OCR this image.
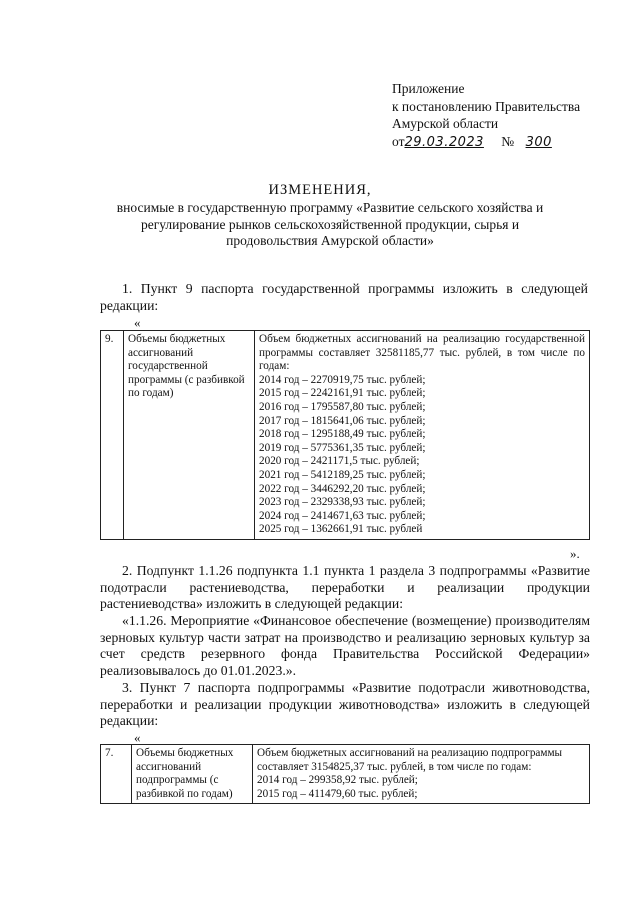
Приложение
к постановлению Правительства
Амурской области
от29.03.2023 № 300
ИЗМЕНЕНИЯ,
вносимые в государственную программу «Развитие сельского хозяйства и регулирование рынков сельскохозяйственной продукции, сырья и продовольствия Амурской области»
1. Пункт 9 паспорта государственной программы изложить в следующей редакции:
«
9.	Объемы бюджетных ассигнований государственной программы (с разбивкой по годам)	
Объем бюджетных ассигнований на реализацию государственной программы составляет 32581185,77 тыс. рублей, в том числе по годам:
2014 год – 2270919,75 тыс. рублей;
2015 год – 2242161,91 тыс. рублей;
2016 год – 1795587,80 тыс. рублей;
2017 год – 1815641,06 тыс. рублей;
2018 год – 1295188,49 тыс. рублей;
2019 год – 5775361,35 тыс. рублей;
2020 год – 2421171,5 тыс. рублей;
2021 год – 5412189,25 тыс. рублей;
2022 год – 3446292,20 тыс. рублей;
2023 год – 2329338,93 тыс. рублей;
2024 год – 2414671,63 тыс. рублей;
2025 год – 1362661,91 тыс. рублей
».
2. Подпункт 1.1.26 подпункта 1.1 пункта 1 раздела 3 подпрограммы «Развитие подотрасли растениеводства, переработки и реализации продукции растениеводства» изложить в следующей редакции:
«1.1.26. Мероприятие «Финансовое обеспечение (возмещение) производителям зерновых культур части затрат на производство и реализацию зерновых культур за счет средств резервного фонда Правительства Российской Федерации» реализовывалось до 01.01.2023.».
3. Пункт 7 паспорта подпрограммы «Развитие подотрасли животноводства, переработки и реализации продукции животноводства» изложить в следующей редакции:
«
7.	Объемы бюджетных ассигнований подпрограммы (с разбивкой по годам)	
Объем бюджетных ассигнований на реализацию подпрограммы составляет 3154825,37 тыс. рублей, в том числе по годам:
2014 год – 299358,92 тыс. рублей;
2015 год – 411479,60 тыс. рублей;
